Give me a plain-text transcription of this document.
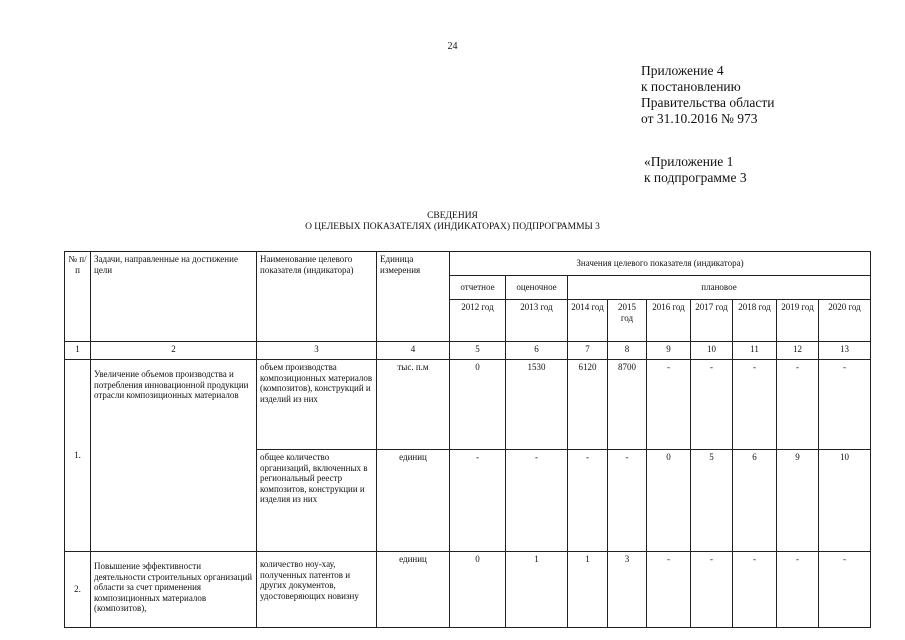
24
Приложение 4
к постановлению
Правительства области
от 31.10.2016 № 973
«Приложение 1
к подпрограмме 3
СВЕДЕНИЯ
О ЦЕЛЕВЫХ ПОКАЗАТЕЛЯХ (ИНДИКАТОРАХ) ПОДПРОГРАММЫ 3
№ п/п	Задачи, направленные на достижение цели	Наименование целевого показателя (индикатора)	Единица измерения	Значения целевого показателя (индикатора)								
				отчетное	оценочное	плановое						
				2012 год	2013 год	2014 год	2015 год	2016 год	2017 год	2018 год	2019 год	2020 год
1	2	3	4	5	6	7	8	9	10	11	12	13
1.	Увеличение объемов производства и потребления инновационной продукции отрасли композиционных материалов	объем производства композиционных материалов (композитов), конструкций и изделий из них	тыс. п.м	0	1530	6120	8700	-	-	-	-	-
		общее количество организаций, включенных в региональный реестр композитов, конструкции и изделия из них	единиц	-	-	-	-	0	5	6	9	10
2.	Повышение эффективности деятельности строительных организаций области за счет применения композиционных материалов (композитов),	количество ноу-хау, полученных патентов и других документов, удостоверяющих новизну	единиц	0	1	1	3	-	-	-	-	-
